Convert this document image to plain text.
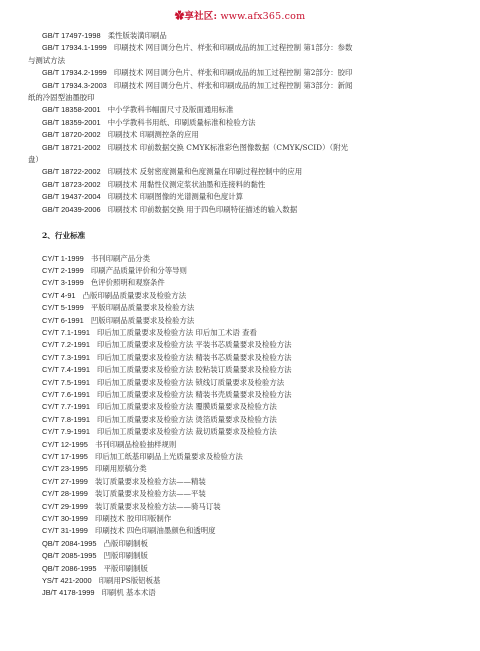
✿享社区: www.afx365.com
GB/T 17497-1998 柔性版装潢印刷品
GB/T 17934.1-1999 印刷技术 网目调分色片、样张和印刷成品的加工过程控制 第1部分：参数
与测试方法
GB/T 17934.2-1999 印刷技术 网目调分色片、样张和印刷成品的加工过程控制 第2部分：胶印
GB/T 17934.3-2003 印刷技术 网目调分色片、样张和印刷成品的加工过程控制 第3部分：新闻
纸的冷固型油墨胶印
GB/T 18358-2001 中小学教科书幅面尺寸及版面通用标准
GB/T 18359-2001 中小学教科书用纸、印刷质量标准和检验方法
GB/T 18720-2002 印刷技术 印刷测控条的应用
GB/T 18721-2002 印刷技术 印前数据交换 CMYK标准彩色图像数据（CMYK/SCID）（附光
盘）
GB/T 18722-2002 印刷技术 反射密度测量和色度测量在印刷过程控制中的应用
GB/T 18723-2002 印刷技术 用黏性仪测定浆状油墨和连接料的黏性
GB/T 19437-2004 印刷技术 印刷图像的光谱测量和色度计算
GB/T 20439-2006 印刷技术 印前数据交换 用于四色印刷特征描述的输入数据
2、行业标准
CY/T 1-1999 书刊印刷产品分类
CY/T 2-1999 印刷产品质量评价和分等导则
CY/T 3-1999 色评价照明和观察条件
CY/T 4-91 凸版印刷品质量要求及检验方法
CY/T 5-1999 平版印刷品质量要求及检验方法
CY/T 6-1991 凹版印刷品质量要求及检验方法
CY/T 7.1-1991 印后加工质量要求及检验方法 印后加工术语 查看
CY/T 7.2-1991 印后加工质量要求及检验方法 平装书芯质量要求及检验方法
CY/T 7.3-1991 印后加工质量要求及检验方法 精装书芯质量要求及检验方法
CY/T 7.4-1991 印后加工质量要求及检验方法 胶粘装订质量要求及检验方法
CY/T 7.5-1991 印后加工质量要求及检验方法 锁线订质量要求及检验方法
CY/T 7.6-1991 印后加工质量要求及检验方法 精装书壳质量要求及检验方法
CY/T 7.7-1991 印后加工质量要求及检验方法 覆膜质量要求及检验方法
CY/T 7.8-1991 印后加工质量要求及检验方法 烫箔质量要求及检验方法
CY/T 7.9-1991 印后加工质量要求及检验方法 裁切质量要求及检验方法
CY/T 12-1995 书刊印刷品检验抽样规则
CY/T 17-1995 印后加工纸基印刷品上光质量要求及检验方法
CY/T 23-1995 印刷用原稿分类
CY/T 27-1999 装订质量要求及检验方法——精装
CY/T 28-1999 装订质量要求及检验方法——平装
CY/T 29-1999 装订质量要求及检验方法——骑马订装
CY/T 30-1999 印刷技术 胶印印版制作
CY/T 31-1999 印刷技术 四色印刷油墨颜色和透明度
QB/T 2084-1995 凸版印刷制板
QB/T 2085-1995 凹版印刷制版
QB/T 2086-1995 平版印刷制版
YS/T 421-2000 印刷用PS版铝板基
JB/T 4178-1999 印刷机 基本术语
